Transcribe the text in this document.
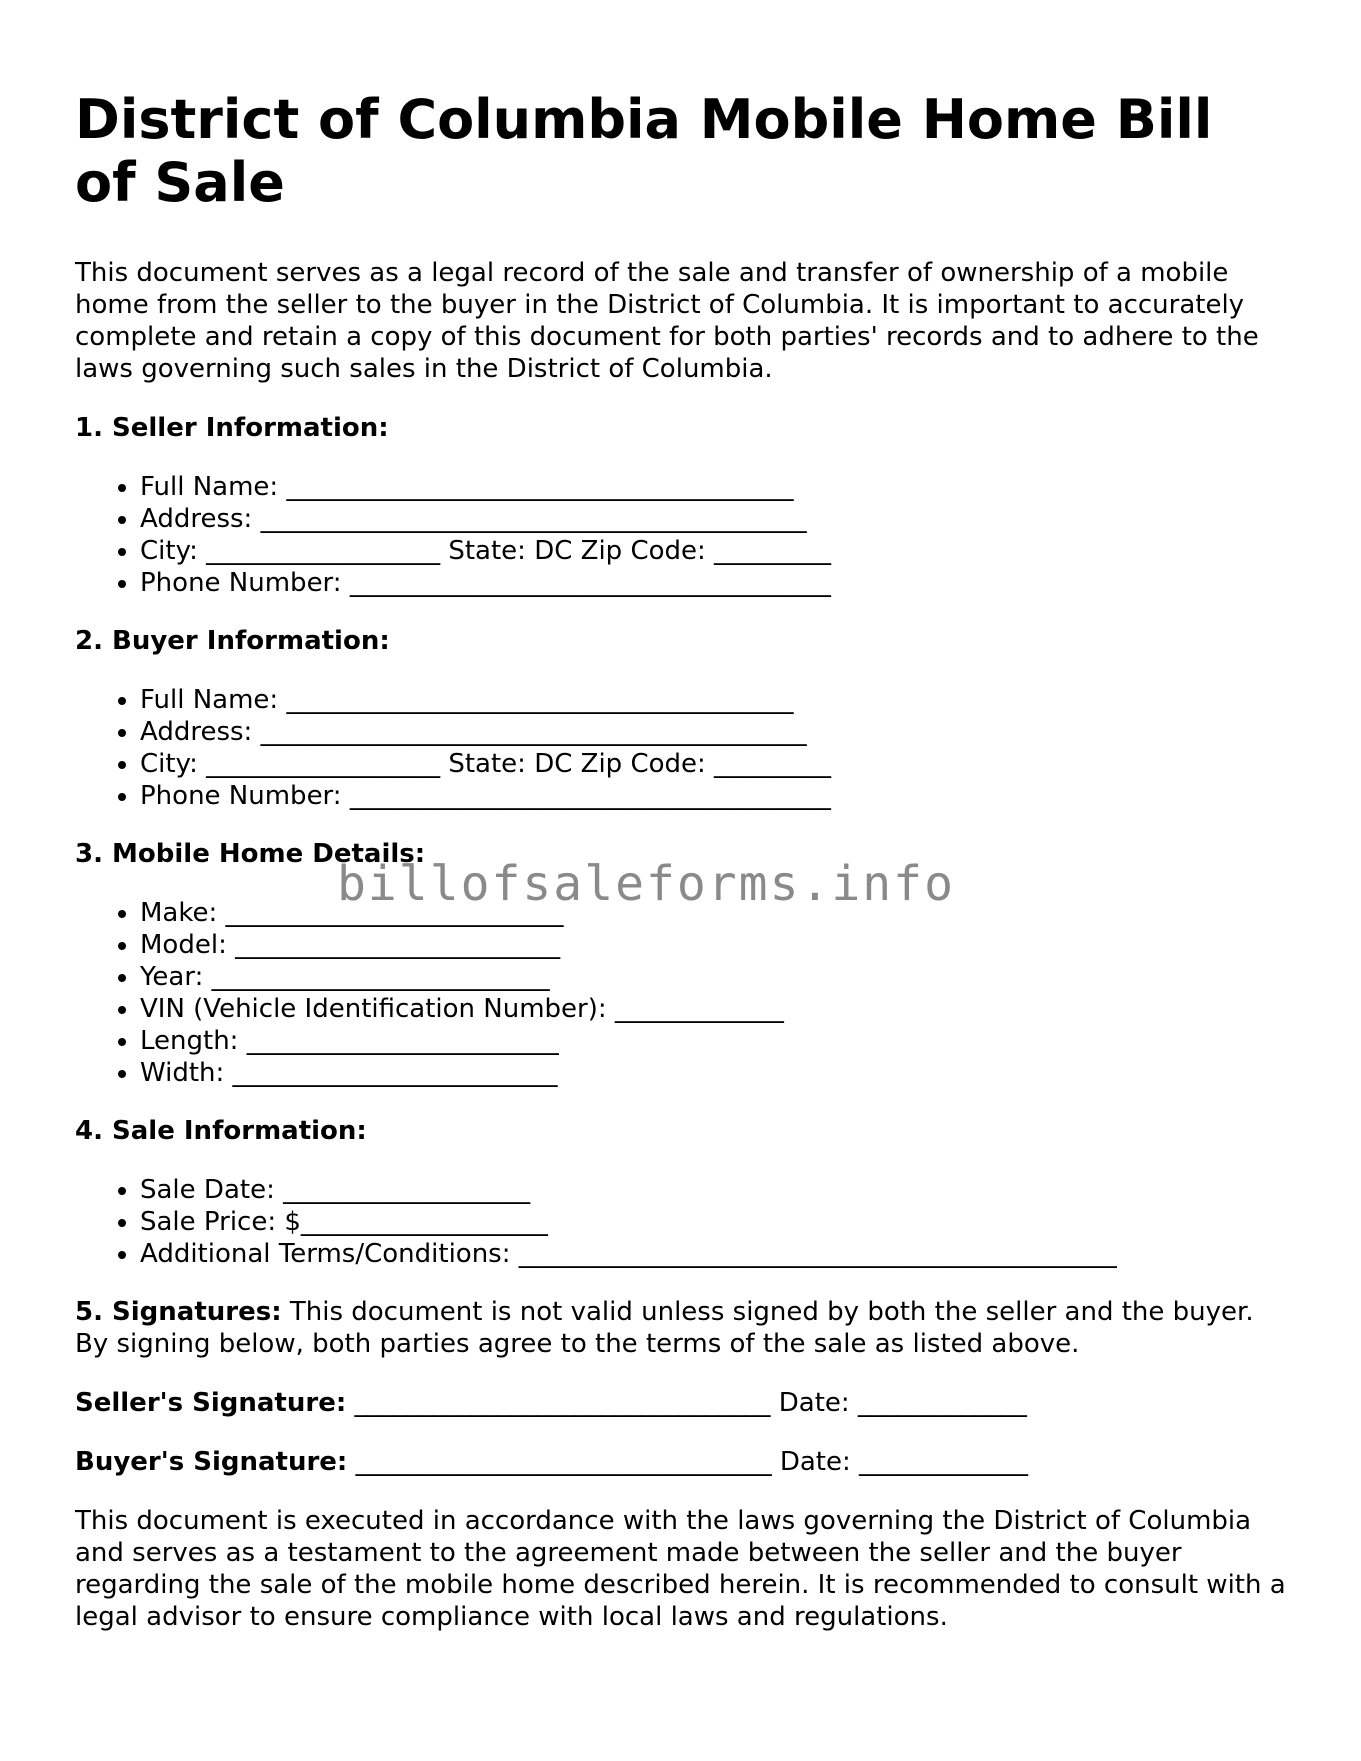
District of Columbia Mobile Home Bill of Sale

This document serves as a legal record of the sale and transfer of ownership of a mobile home from the seller to the buyer in the District of Columbia. It is important to accurately complete and retain a copy of this document for both parties' records and to adhere to the laws governing such sales in the District of Columbia.

1. Seller Information:
• Full Name: _______________________________________
• Address: __________________________________________
• City: __________________ State: DC Zip Code: _________
• Phone Number: _____________________________________
2. Buyer Information:
• Full Name: _______________________________________
• Address: __________________________________________
• City: __________________ State: DC Zip Code: _________
• Phone Number: _____________________________________
3. Mobile Home Details:
• Make: __________________________
• Model: _________________________
• Year: __________________________
• VIN (Vehicle Identification Number): _____________
• Length: ________________________
• Width: _________________________
4. Sale Information:
• Sale Date: ___________________
• Sale Price: $___________________
• Additional Terms/Conditions: ______________________________________________

5. Signatures: This document is not valid unless signed by both the seller and the buyer. By signing below, both parties agree to the terms of the sale as listed above.

Seller's Signature: ________________________________ Date: _____________

Buyer's Signature: ________________________________ Date: _____________

This document is executed in accordance with the laws governing the District of Columbia and serves as a testament to the agreement made between the seller and the buyer regarding the sale of the mobile home described herein. It is recommended to consult with a legal advisor to ensure compliance with local laws and regulations.

billofsaleforms.info
